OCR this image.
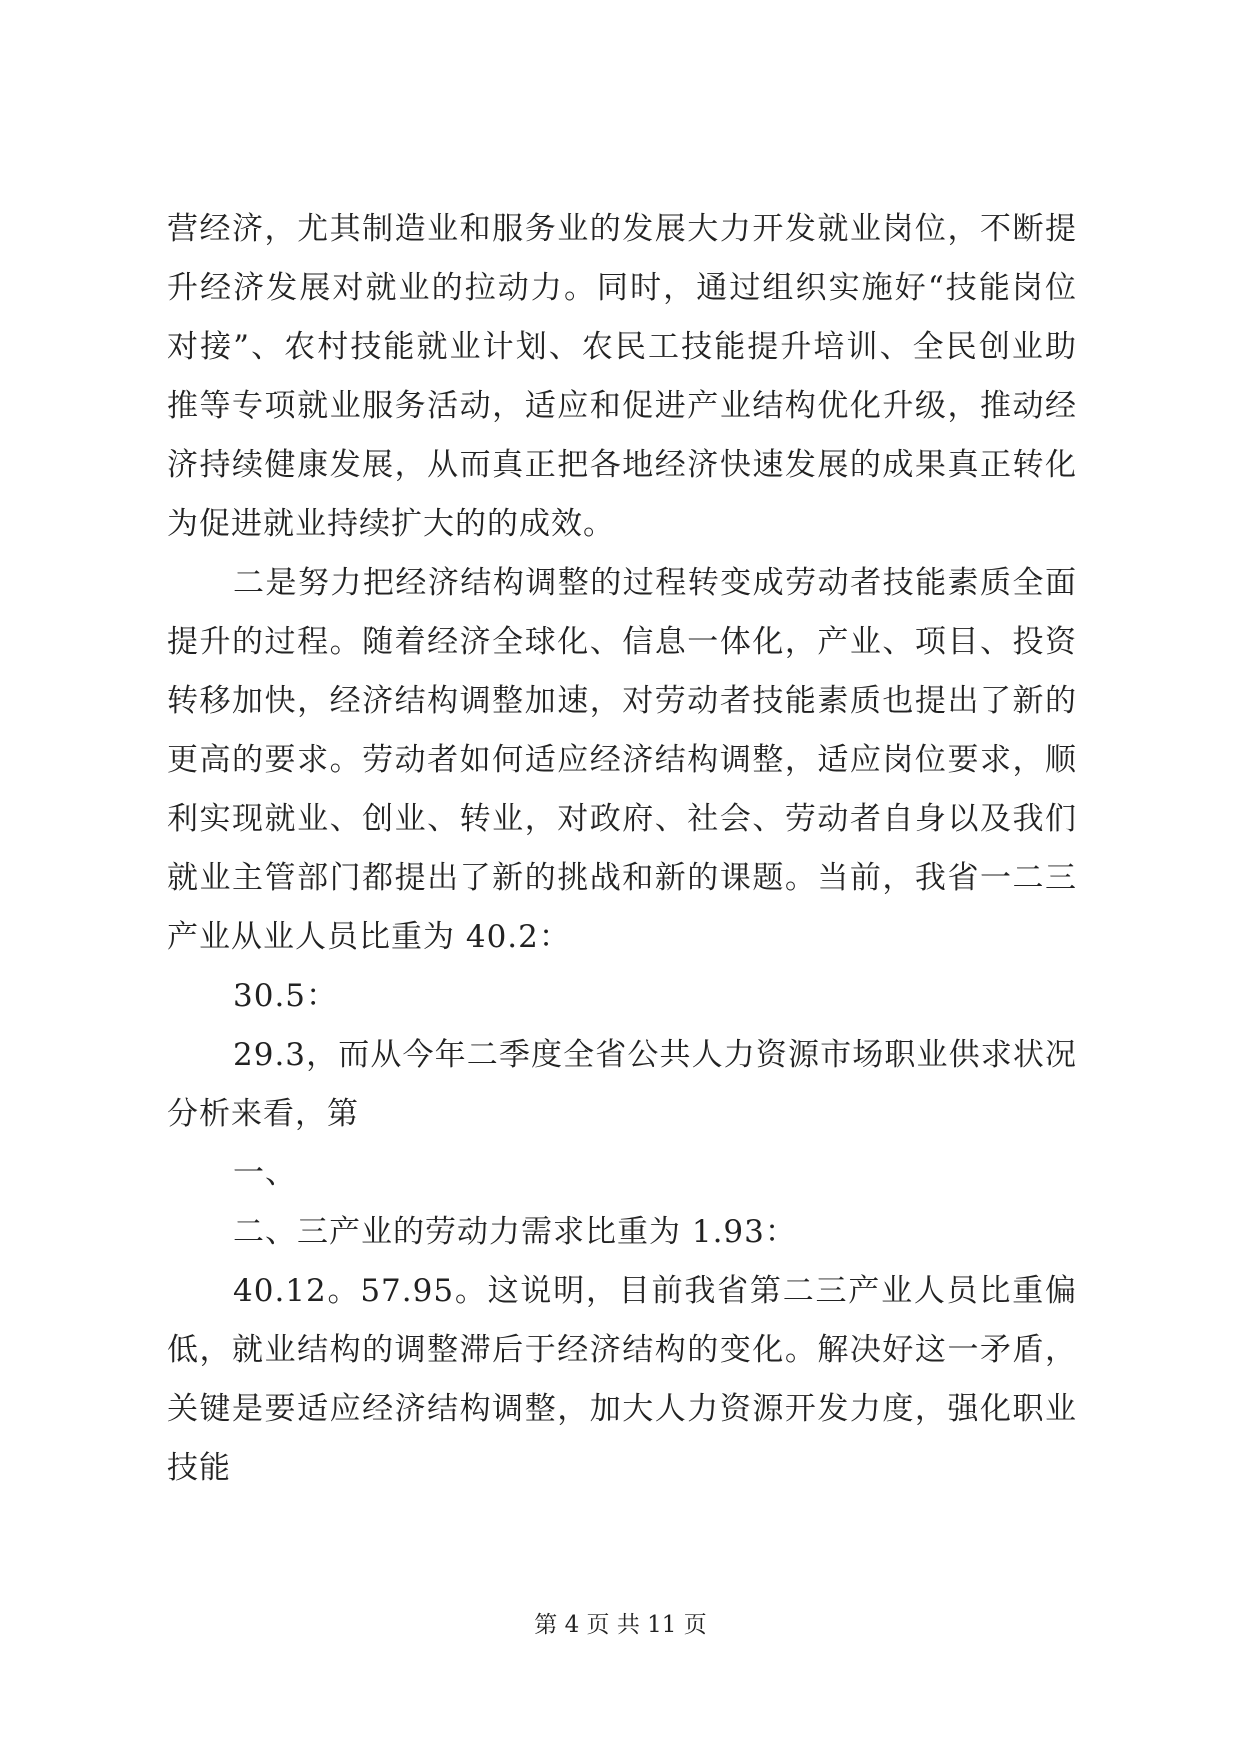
营经济，尤其制造业和服务业的发展大力开发就业岗位，不断提升经济发展对就业的拉动力。同时，通过组织实施好“技能岗位对接”、农村技能就业计划、农民工技能提升培训、全民创业助推等专项就业服务活动，适应和促进产业结构优化升级，推动经济持续健康发展，从而真正把各地经济快速发展的成果真正转化为促进就业持续扩大的的成效。

二是努力把经济结构调整的过程转变成劳动者技能素质全面提升的过程。随着经济全球化、信息一体化，产业、项目、投资转移加快，经济结构调整加速，对劳动者技能素质也提出了新的更高的要求。劳动者如何适应经济结构调整，适应岗位要求，顺利实现就业、创业、转业，对政府、社会、劳动者自身以及我们就业主管部门都提出了新的挑战和新的课题。当前，我省一二三产业从业人员比重为 40.2：

30.5：

29.3，而从今年二季度全省公共人力资源市场职业供求状况分析来看，第

一、

二、三产业的劳动力需求比重为 1.93：

40.12。57.95。这说明，目前我省第二三产业人员比重偏低，就业结构的调整滞后于经济结构的变化。解决好这一矛盾，关键是要适应经济结构调整，加大人力资源开发力度，强化职业技能

第 4 页 共 11 页
